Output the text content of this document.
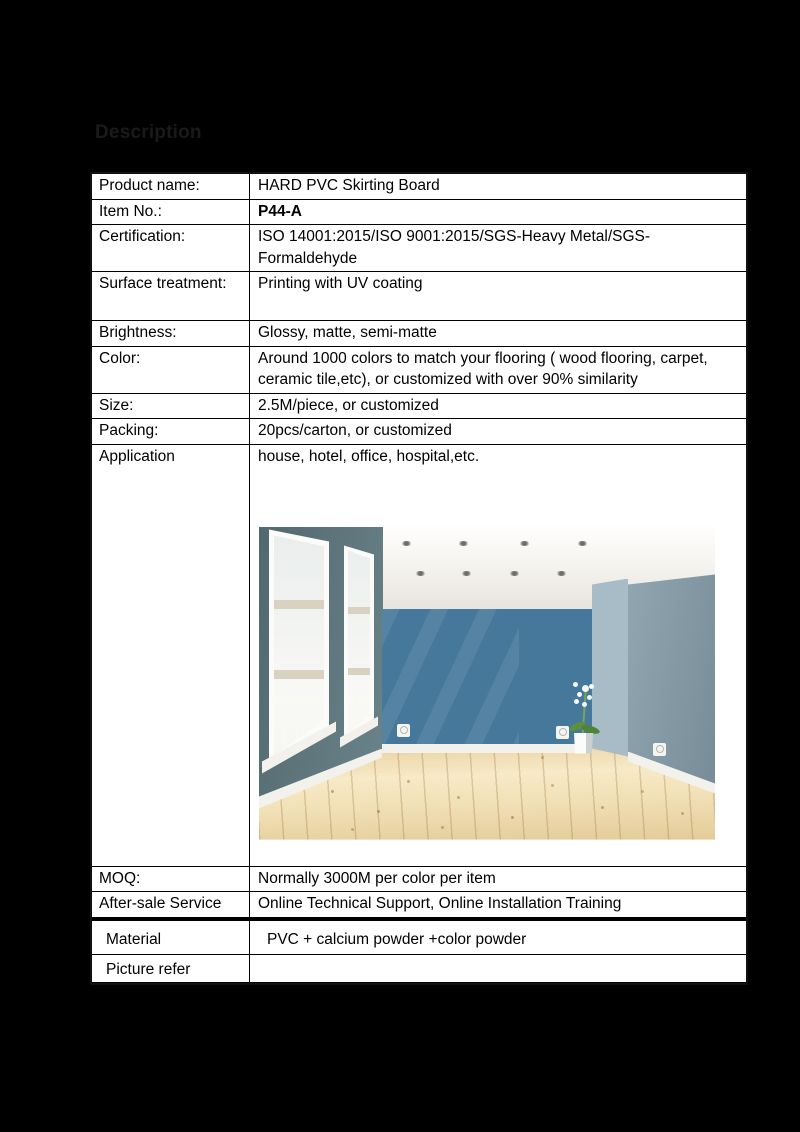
Description
Product name:	HARD PVC Skirting Board
Item No.:	P44-A
Certification:	ISO 14001:2015/ISO 9001:2015/SGS-Heavy Metal/SGS-Formaldehyde
Surface treatment:	Printing with UV coating
Brightness:	Glossy, matte, semi-matte
Color:	Around 1000 colors to match your flooring ( wood flooring, carpet, ceramic tile,etc), or customized with over 90% similarity
Size:	2.5M/piece, or customized
Packing:	20pcs/carton, or customized
Application	house, hotel, office, hospital,etc.
MOQ:	Normally 3000M per color per item
After-sale Service	Online Technical Support, Online Installation Training
Material	PVC + calcium powder +color powder
Picture refer
